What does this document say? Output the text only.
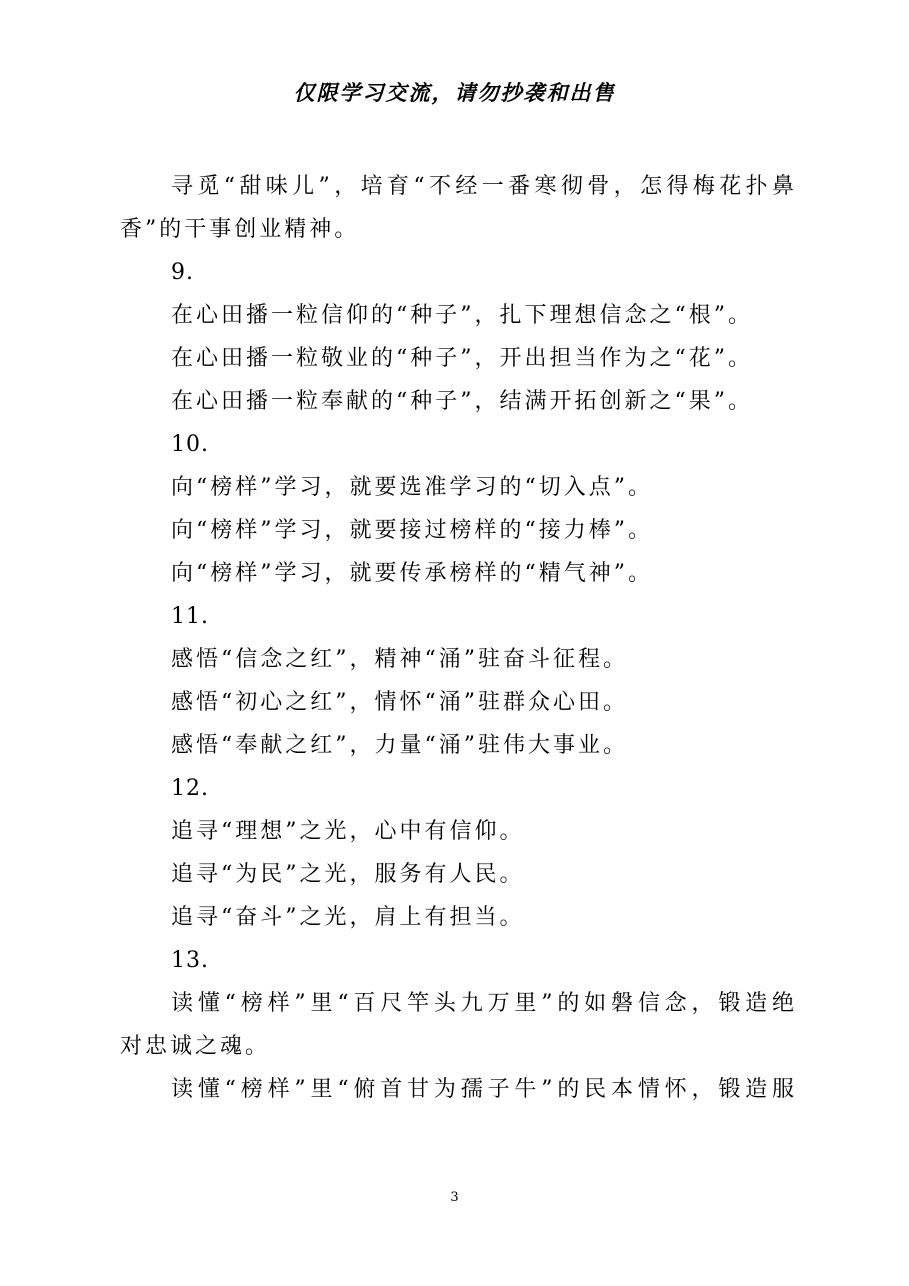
仅限学习交流，请勿抄袭和出售
寻觅“甜味儿”，培育“不经一番寒彻骨，怎得梅花扑鼻
香”的干事创业精神。
9.
在心田播一粒信仰的“种子”，扎下理想信念之“根”。
在心田播一粒敬业的“种子”，开出担当作为之“花”。
在心田播一粒奉献的“种子”，结满开拓创新之“果”。
10.
向“榜样”学习，就要选准学习的“切入点”。
向“榜样”学习，就要接过榜样的“接力棒”。
向“榜样”学习，就要传承榜样的“精气神”。
11.
感悟“信念之红”，精神“涌”驻奋斗征程。
感悟“初心之红”，情怀“涌”驻群众心田。
感悟“奉献之红”，力量“涌”驻伟大事业。
12.
追寻“理想”之光，心中有信仰。
追寻“为民”之光，服务有人民。
追寻“奋斗”之光，肩上有担当。
13.
读懂“榜样”里“百尺竿头九万里”的如磐信念，锻造绝
对忠诚之魂。
读懂“榜样”里“俯首甘为孺子牛”的民本情怀，锻造服
3
